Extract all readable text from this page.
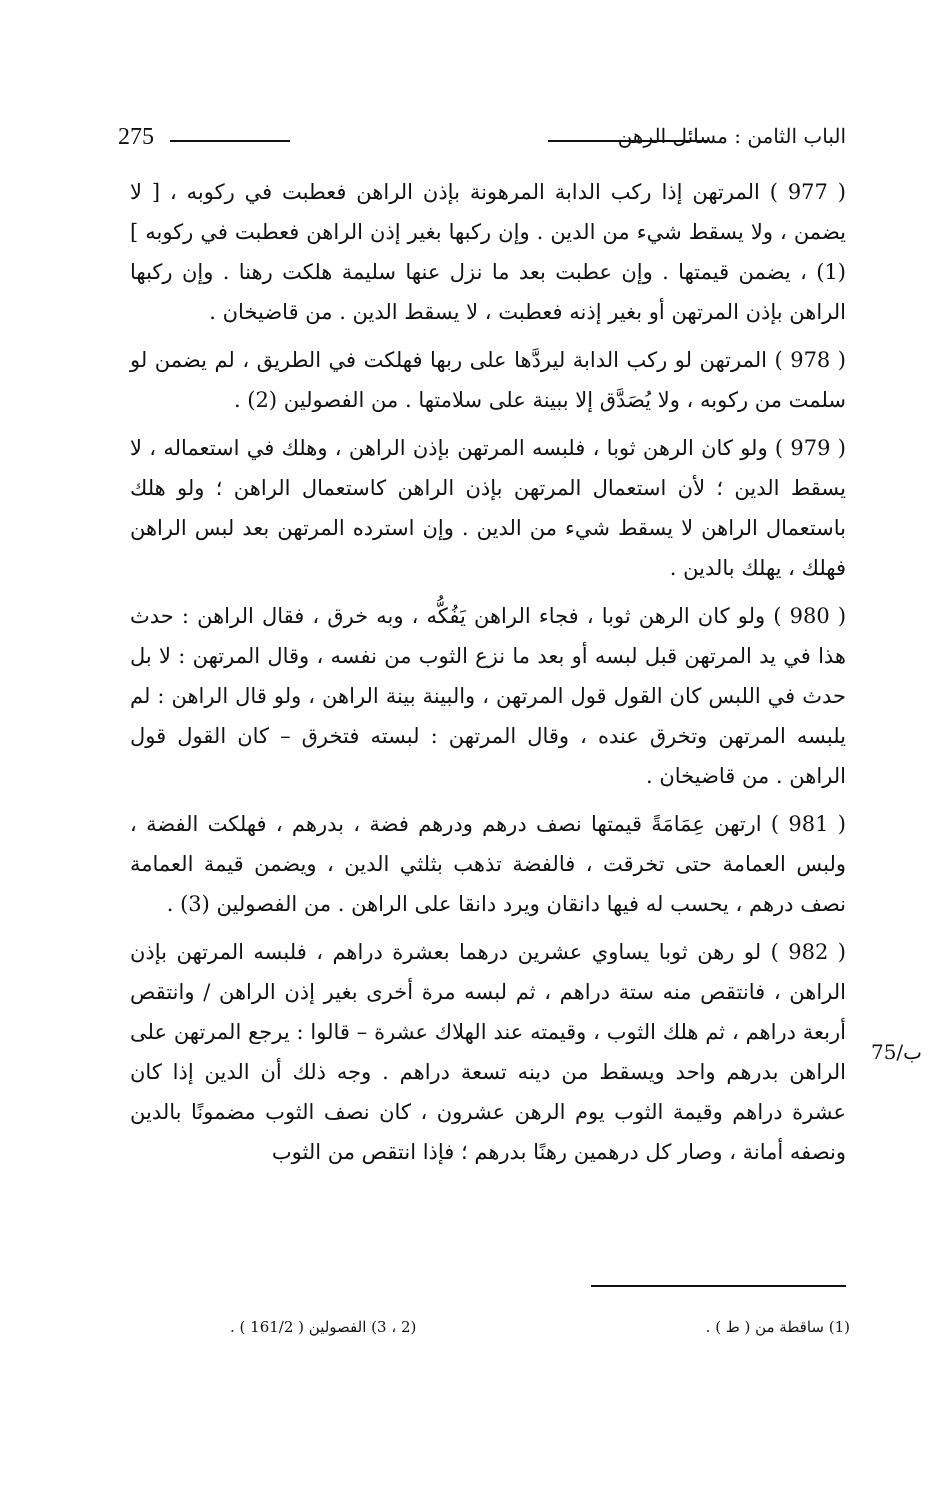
275	الباب الثامن : مسائل الرهن

( 977 ) المرتهن إذا ركب الدابة المرهونة بإذن الراهن فعطبت في ركوبه ، [ لا يضمن ، ولا يسقط شيء من الدين . وإن ركبها بغير إذن الراهن فعطبت في ركوبه ] (1) ، يضمن قيمتها . وإن عطبت بعد ما نزل عنها سليمة هلكت رهنا . وإن ركبها الراهن بإذن المرتهن أو بغير إذنه فعطبت ، لا يسقط الدين . من قاضيخان .

( 978 ) المرتهن لو ركب الدابة ليردَّها على ربها فهلكت في الطريق ، لم يضمن لو سلمت من ركوبه ، ولا يُصَدَّق إلا ببينة على سلامتها . من الفصولين (2) .

( 979 ) ولو كان الرهن ثوبا ، فلبسه المرتهن بإذن الراهن ، وهلك في استعماله ، لا يسقط الدين ؛ لأن استعمال المرتهن بإذن الراهن كاستعمال الراهن ؛ ولو هلك باستعمال الراهن لا يسقط شيء من الدين . وإن استرده المرتهن بعد لبس الراهن فهلك ، يهلك بالدين .

( 980 ) ولو كان الرهن ثوبا ، فجاء الراهن يَفُكُّه ، وبه خرق ، فقال الراهن : حدث هذا في يد المرتهن قبل لبسه أو بعد ما نزع الثوب من نفسه ، وقال المرتهن : لا بل حدث في اللبس كان القول قول المرتهن ، والبينة بينة الراهن ، ولو قال الراهن : لم يلبسه المرتهن وتخرق عنده ، وقال المرتهن : لبسته فتخرق – كان القول قول الراهن . من قاضيخان .

( 981 ) ارتهن عِمَامَةً قيمتها نصف درهم ودرهم فضة ، بدرهم ، فهلكت الفضة ، ولبس العمامة حتى تخرقت ، فالفضة تذهب بثلثي الدين ، ويضمن قيمة العمامة نصف درهم ، يحسب له فيها دانقان ويرد دانقا على الراهن . من الفصولين (3) .

( 982 ) لو رهن ثوبا يساوي عشرين درهما بعشرة دراهم ، فلبسه المرتهن بإذن الراهن ، فانتقص منه ستة دراهم ، ثم لبسه مرة أخرى بغير إذن الراهن / وانتقص أربعة دراهم ، ثم هلك الثوب ، وقيمته عند الهلاك عشرة – قالوا : يرجع المرتهن على الراهن بدرهم واحد ويسقط من دينه تسعة دراهم . وجه ذلك أن الدين إذا كان عشرة دراهم وقيمة الثوب يوم الرهن عشرون ، كان نصف الثوب مضمونًا بالدين ونصفه أمانة ، وصار كل درهمين رهنًا بدرهم ؛ فإذا انتقص من الثوب

75/ب
(1) ساقطة من ( ط ) .
(2 ، 3) الفصولين ( 161/2 ) .
